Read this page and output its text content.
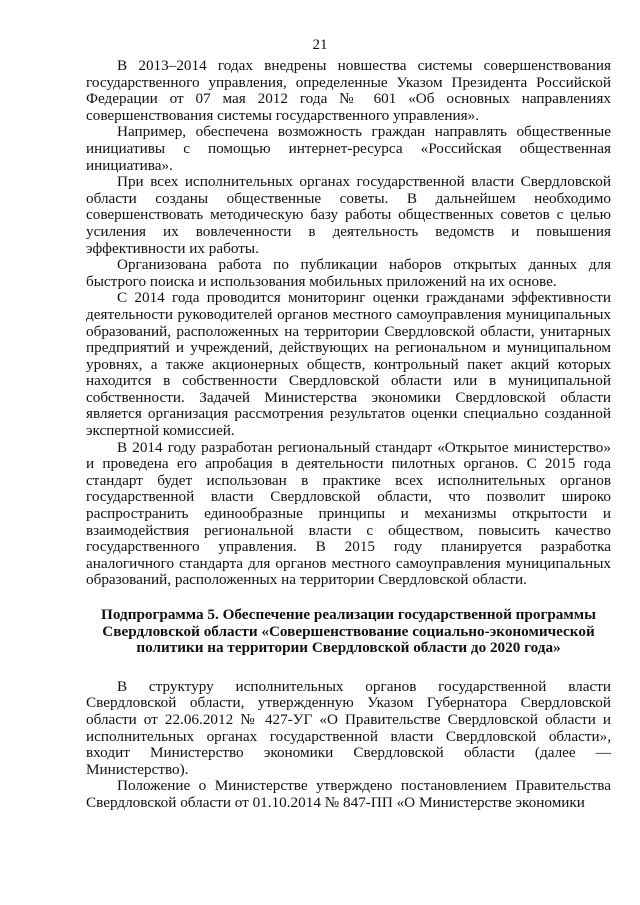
21

В 2013–2014 годах внедрены новшества системы совершенствования государственного управления, определенные Указом Президента Российской Федерации от 07 мая 2012 года № 601 «Об основных направлениях совершенствования системы государственного управления».

Например, обеспечена возможность граждан направлять общественные инициативы с помощью интернет-ресурса «Российская общественная инициатива».

При всех исполнительных органах государственной власти Свердловской области созданы общественные советы. В дальнейшем необходимо совершенствовать методическую базу работы общественных советов с целью усиления их вовлеченности в деятельность ведомств и повышения эффективности их работы.

Организована работа по публикации наборов открытых данных для быстрого поиска и использования мобильных приложений на их основе.

С 2014 года проводится мониторинг оценки гражданами эффективности деятельности руководителей органов местного самоуправления муниципальных образований, расположенных на территории Свердловской области, унитарных предприятий и учреждений, действующих на региональном и муниципальном уровнях, а также акционерных обществ, контрольный пакет акций которых находится в собственности Свердловской области или в муниципальной собственности. Задачей Министерства экономики Свердловской области является организация рассмотрения результатов оценки специально созданной экспертной комиссией.

В 2014 году разработан региональный стандарт «Открытое министерство» и проведена его апробация в деятельности пилотных органов. С 2015 года стандарт будет использован в практике всех исполнительных органов государственной власти Свердловской области, что позволит широко распространить единообразные принципы и механизмы открытости и взаимодействия региональной власти с обществом, повысить качество государственного управления. В 2015 году планируется разработка аналогичного стандарта для органов местного самоуправления муниципальных образований, расположенных на территории Свердловской области.

Подпрограмма 5. Обеспечение реализации государственной программы
Свердловской области «Совершенствование социально-экономической
политики на территории Свердловской области до 2020 года»

В структуру исполнительных органов государственной власти Свердловской области, утвержденную Указом Губернатора Свердловской области от 22.06.2012 № 427-УГ «О Правительстве Свердловской области и исполнительных органах государственной власти Свердловской области», входит Министерство экономики Свердловской области (далее — Министерство).

Положение о Министерстве утверждено постановлением Правительства Свердловской области от 01.10.2014 № 847-ПП «О Министерстве экономики
